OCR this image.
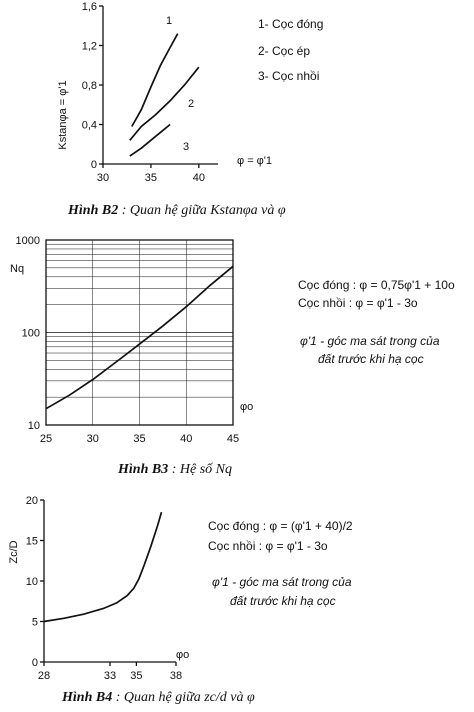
0
0,4
0,8
1,2
1,6
30	35	40
Kstanφa = φ'1
φ = φ'1
1
2
3
1- Cọc đóng
2- Cọc ép
3- Cọc nhồi
Hình B2 : Quan hệ giữa Kstanφa và φ
10
100
1000
25	30	35	40	45
Nq
φo
Cọc đóng : φ = 0,75φ'1 + 10o
Cọc nhồi : φ = φ'1 - 3o
φ'1 - góc ma sát trong của
đất trước khi hạ cọc
Hình B3 : Hệ số Nq
0
5
10
15
20
28	33 35 38
Zc/D
φo
Cọc đóng : φ = (φ'1 + 40)/2
Cọc nhồi : φ = φ'1 - 3o
φ'1 - góc ma sát trong của
đất trước khi hạ cọc
Hình B4 : Quan hệ giữa zc/d và φ
